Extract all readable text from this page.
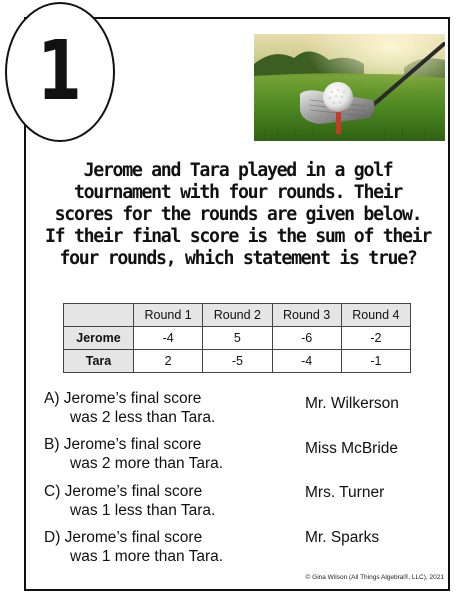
1

Jerome and Tara played in a golf
tournament with four rounds. Their
scores for the rounds are given below.
If their final score is the sum of their
four rounds, which statement is true?

	Round 1	Round 2	Round 3	Round 4
Jerome	-4	5	-6	-2
Tara	2	-5	-4	-1

A) Jerome’s final score
was 2 less than Tara.

Mr. Wilkerson

B) Jerome’s final score
was 2 more than Tara.

Miss McBride

C) Jerome’s final score
was 1 less than Tara.

Mrs. Turner

D) Jerome’s final score
was 1 more than Tara.

Mr. Sparks

© Gina Wilson (All Things Algebra®, LLC), 2021
